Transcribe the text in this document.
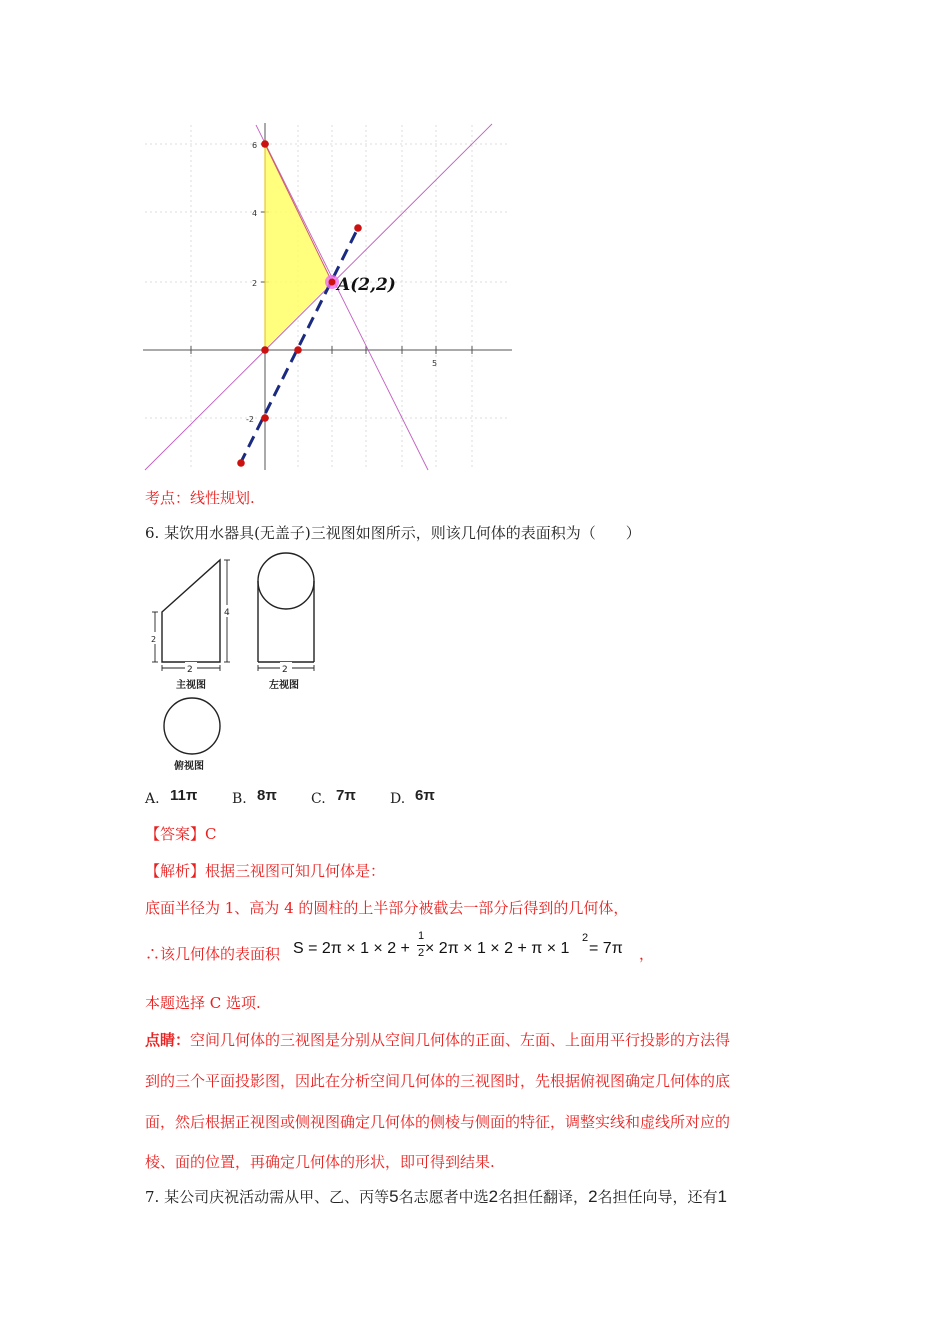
6
4
2
-2
5
A(2,2)
考点：线性规划.
6. 某饮用水器具(无盖子)三视图如图所示，则该几何体的表面积为（　　）
2
2
4
主视图
2
左视图
俯视图
A. 11π B. 8π C. 7π D. 6π
【答案】C
【解析】根据三视图可知几何体是：
底面半径为 1、高为 4 的圆柱的上半部分被截去一部分后得到的几何体，
∴该几何体的表面积 S = 2π × 1 × 2 +
1
2 × 2π × 1 × 2 + π × 1
2
= 7π ，
本题选择 C 选项.
点睛：空间几何体的三视图是分别从空间几何体的正面、左面、上面用平行投影的方法得
到的三个平面投影图，因此在分析空间几何体的三视图时，先根据俯视图确定几何体的底
面，然后根据正视图或侧视图确定几何体的侧棱与侧面的特征，调整实线和虚线所对应的
棱、面的位置，再确定几何体的形状，即可得到结果.
7. 某公司庆祝活动需从甲、乙、丙等5名志愿者中选2名担任翻译，2名担任向导，还有1
